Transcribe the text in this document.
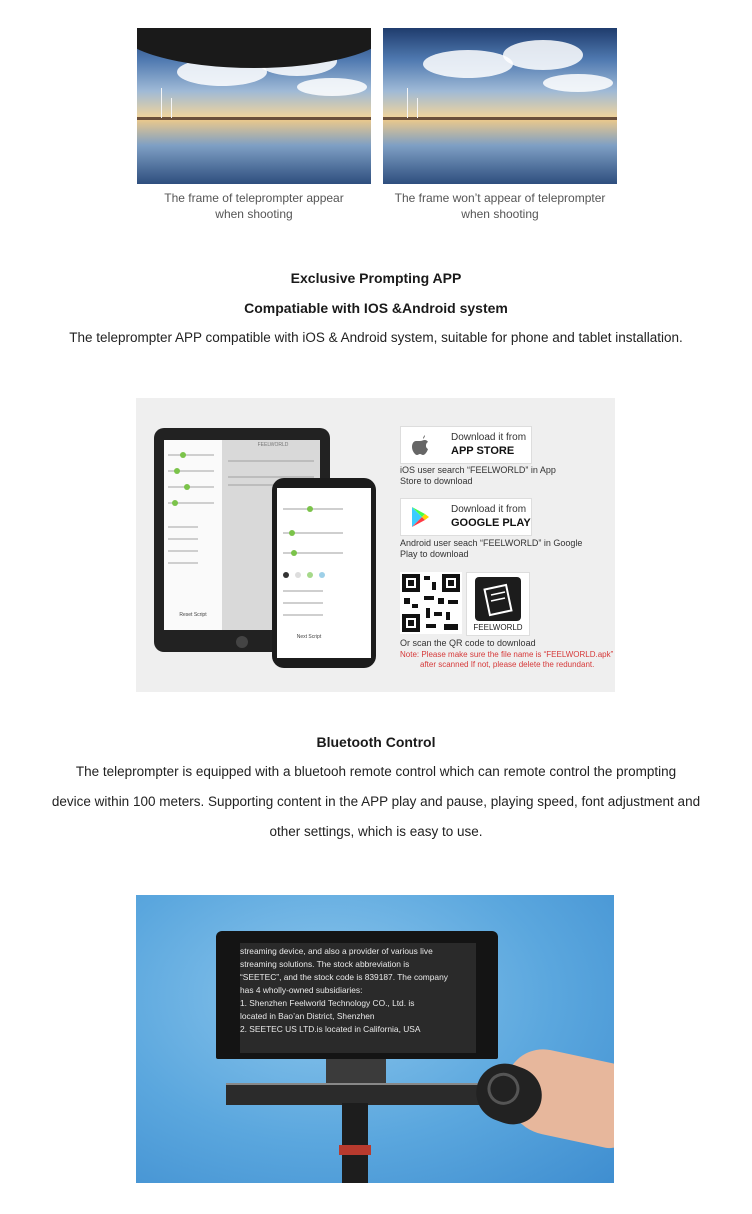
The frame of teleprompter appear
when shooting
The frame won’t appear of teleprompter
when shooting
Exclusive Prompting APP
Compatiable with IOS &Android system
The teleprompter APP compatible with iOS & Android system, suitable for phone and tablet installation.
Reset Script
FEELWORLD
Next Script
Download it from
APP STORE
iOS user search “FEELWORLD” in App
Store to download
Download it from
GOOGLE PLAY
Android user seach “FEELWORLD” in Google
Play to download
FEELWORLD
Or scan the QR code to download
Note: Please make sure the file name is “FEELWORLD.apk”
after scanned If not, please delete the redundant.
Bluetooth Control
The teleprompter is equipped with a bluetooh remote control which can remote control the prompting
device within 100 meters. Supporting content in the APP play and pause, playing speed, font adjustment and
other settings, which is easy to use.
streaming device, and also a provider of various live
streaming solutions. The stock abbreviation is
“SEETEC”, and the stock code is 839187. The company
has 4 wholly-owned subsidiaries:
1. Shenzhen Feelworld Technology CO., Ltd. is
located in Bao’an District, Shenzhen
2. SEETEC US LTD.is located in California, USA
